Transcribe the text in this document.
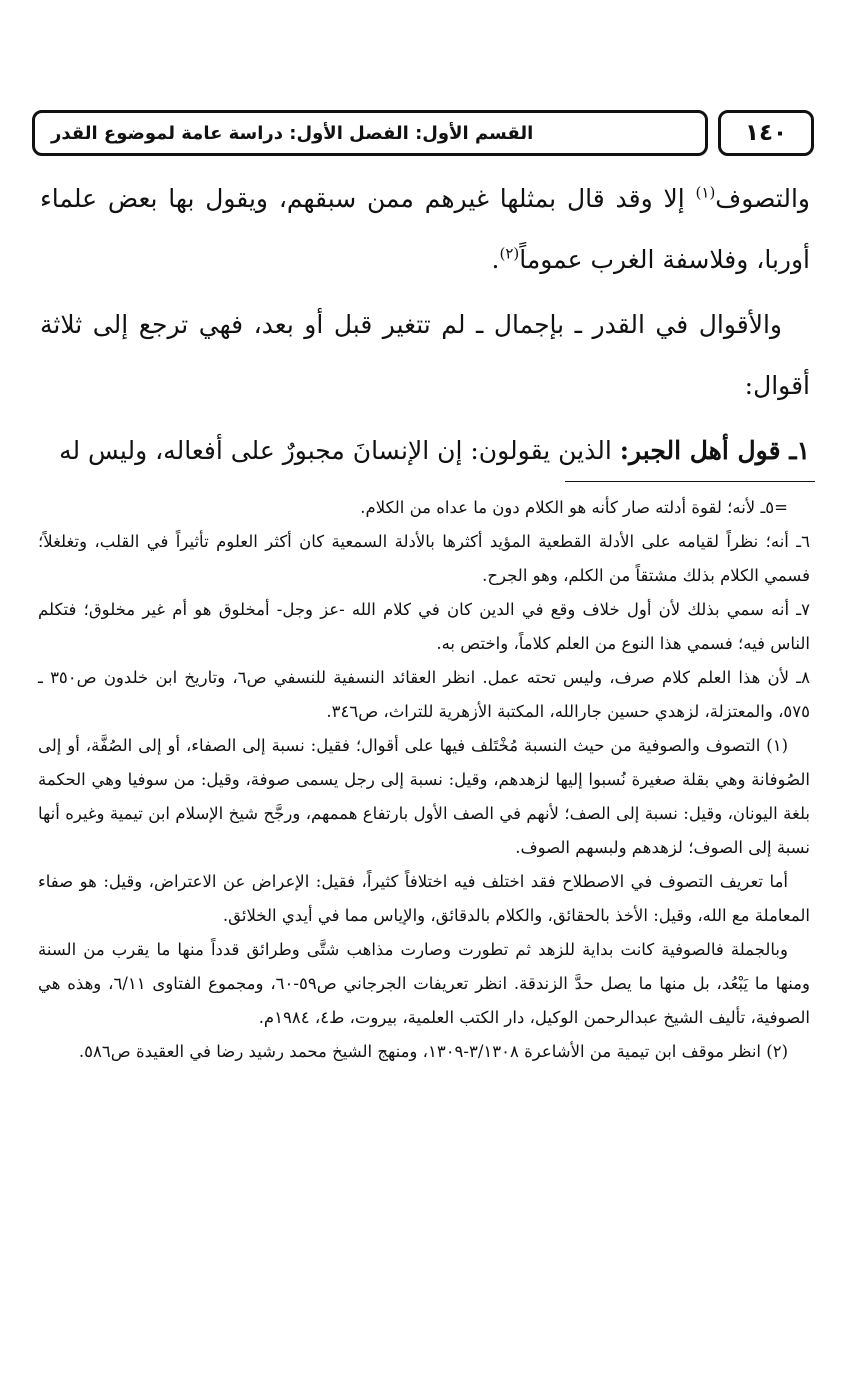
١٤٠
القسم الأول: الفصل الأول: دراسة عامة لموضوع القدر

والتصوف$^{(١)}$ إلا وقد قال بمثلها غيرهم ممن سبقهم، ويقول بها بعض علماء أوربا، وفلاسفة الغرب عموماً$^{(٢)}$.

والأقوال في القدر ـ بإجمال ـ لم تتغير قبل أو بعد، فهي ترجع إلى ثلاثة أقوال:

١ـ قول أهل الجبر: الذين يقولون: إن الإنسانَ مجبورٌ على أفعاله، وليس له

=٥ـ لأنه؛ لقوة أدلته صار كأنه هو الكلام دون ما عداه من الكلام.

٦ـ أنه؛ نظراً لقيامه على الأدلة القطعية المؤيد أكثرها بالأدلة السمعية كان أكثر العلوم تأثيراً في القلب، وتغلغلاً؛ فسمي الكلام بذلك مشتقاً من الكلم، وهو الجرح.

٧ـ أنه سمي بذلك لأن أول خلاف وقع في الدين كان في كلام الله -عز وجل- أمخلوق هو أم غير مخلوق؛ فتكلم الناس فيه؛ فسمي هذا النوع من العلم كلاماً، واختص به.

٨ـ لأن هذا العلم كلام صرف، وليس تحته عمل. انظر العقائد النسفية للنسفي ص٦، وتاريخ ابن خلدون ص٣٥٠ ـ ٥٧٥، والمعتزلة، لزهدي حسين جارالله، المكتبة الأزهرية للتراث، ص٣٤٦.

(١) التصوف والصوفية من حيث النسبة مُخْتَلف فيها على أقوال؛ فقيل: نسبة إلى الصفاء، أو إلى الصُفَّة، أو إلى الصُوفانة وهي بقلة صغيرة نُسبوا إليها لزهدهم، وقيل: نسبة إلى رجل يسمى صوفة، وقيل: من سوفيا وهي الحكمة بلغة اليونان، وقيل: نسبة إلى الصف؛ لأنهم في الصف الأول بارتفاع هممهم، ورجَّح شيخ الإسلام ابن تيمية وغيره أنها نسبة إلى الصوف؛ لزهدهم ولبسهم الصوف.

أما تعريف التصوف في الاصطلاح فقد اختلف فيه اختلافاً كثيراً، فقيل: الإعراض عن الاعتراض، وقيل: هو صفاء المعاملة مع الله، وقيل: الأخذ بالحقائق، والكلام بالدقائق، والإياس مما في أيدي الخلائق.

وبالجملة فالصوفية كانت بداية للزهد ثم تطورت وصارت مذاهب شتَّى وطرائق قدداً منها ما يقرب من السنة ومنها ما يَبْعُد، بل منها ما يصل حدَّ الزندقة. انظر تعريفات الجرجاني ص٥٩-٦٠، ومجموع الفتاوى ٦/١١، وهذه هي الصوفية، تأليف الشيخ عبدالرحمن الوكيل، دار الكتب العلمية، بيروت، ط٤، ١٩٨٤م.

(٢) انظر موقف ابن تيمية من الأشاعرة ٣/١٣٠٨-١٣٠٩، ومنهج الشيخ محمد رشيد رضا في العقيدة ص٥٨٦.
